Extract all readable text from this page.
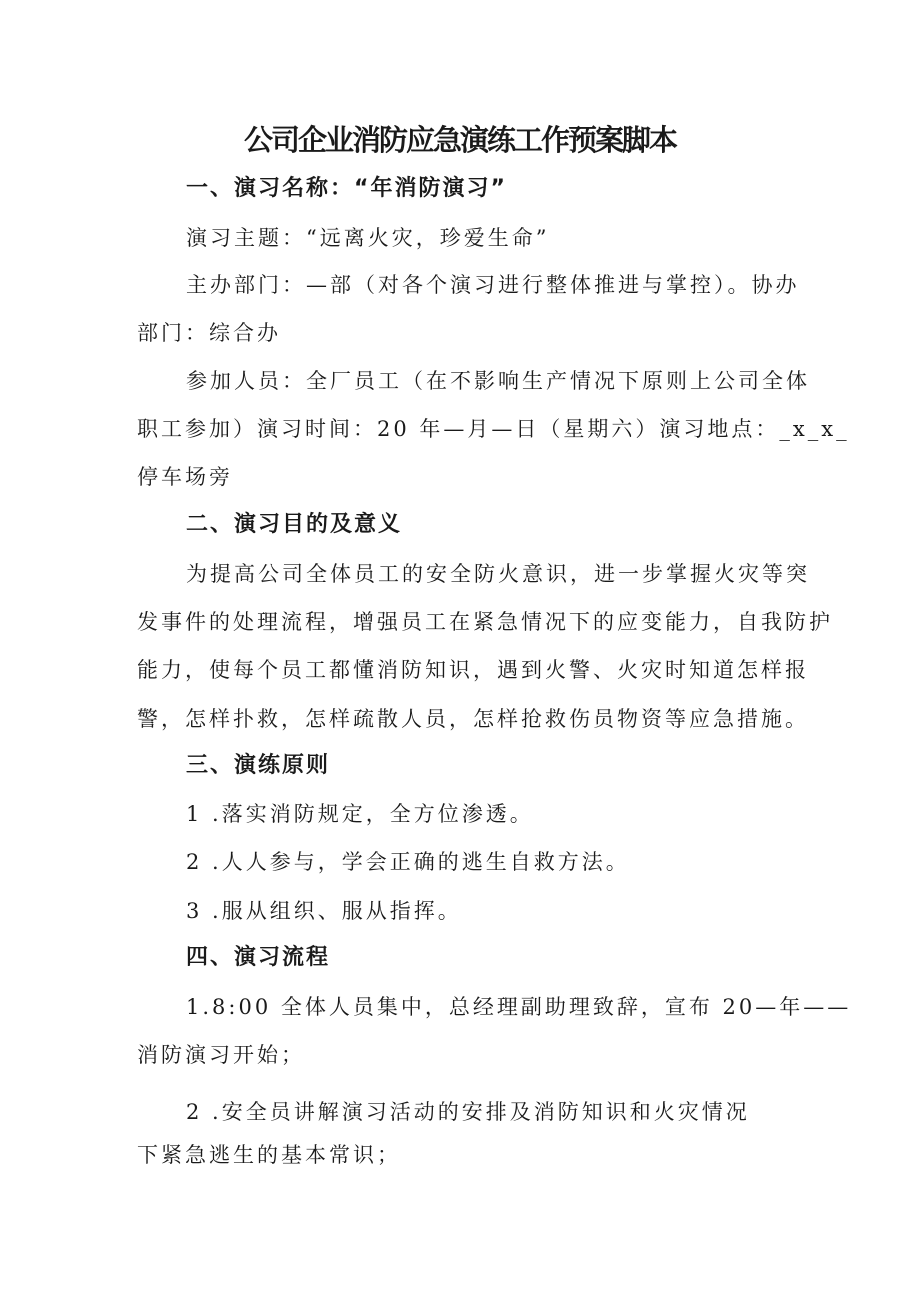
公司企业消防应急演练工作预案脚本

一、演习名称：“年消防演习”

演习主题：“远离火灾，珍爱生命”

主办部门：—部（对各个演习进行整体推进与掌控）。协办

部门：综合办

参加人员：全厂员工（在不影响生产情况下原则上公司全体

职工参加）演习时间：20 年—月—日（星期六）演习地点：_x_x_

停车场旁

二、演习目的及意义

为提高公司全体员工的安全防火意识，进一步掌握火灾等突

发事件的处理流程，增强员工在紧急情况下的应变能力，自我防护

能力，使每个员工都懂消防知识，遇到火警、火灾时知道怎样报

警，怎样扑救，怎样疏散人员，怎样抢救伤员物资等应急措施。

三、演练原则

1 .落实消防规定，全方位渗透。

2 .人人参与，学会正确的逃生自救方法。

3 .服从组织、服从指挥。

四、演习流程

1.8:00 全体人员集中，总经理副助理致辞，宣布 20—年——

消防演习开始；

2 .安全员讲解演习活动的安排及消防知识和火灾情况

下紧急逃生的基本常识；
